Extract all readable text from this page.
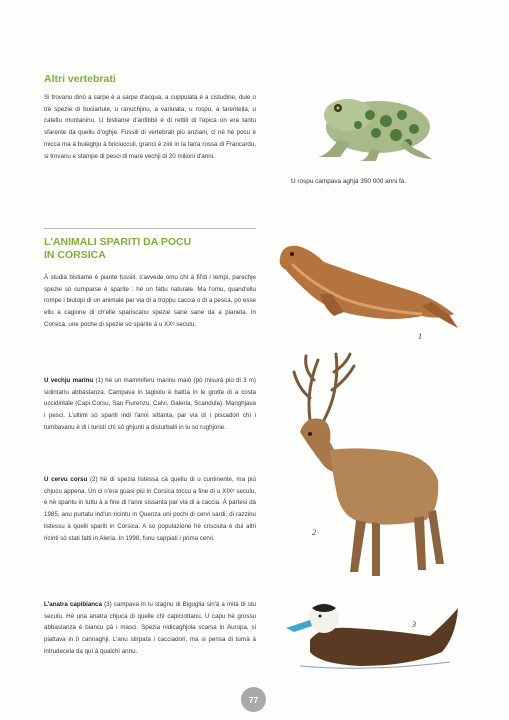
Altri vertebrati

Si trovanu dinò a sarpe è a sarpe d'acqua, a cuppulata è a cistudine, duie o trè spezie di buciartule, u ranuchjinu, a variulata, u rospu, a tarentella, u catellu muntaninu. U bistiame d'anfibbii è di rettili di l'epica ùn era tantu sfarente da quellu d'oghje. Fussili di vertebrati più anziani, ci nè hè pocu è micca ma à buleghju à briciucculi, granci è zini in la tarra rossa di Francardu, si trovanu e stampe di pesci di mare vechji di 20 milioni d'anni.

L'ANIMALI SPARITI DA POCU
IN CORSICA

À studià bistiame è piante fussili, s'avvede omu chì à fil'di i tempi, parechje spezie sò cumparse è sparite : hè un fattu naturale. Ma l'omu, quand'ellu rompe i biutopi di un animale par via di a troppu caccia o di a pesca, pò esse ellu a cagione di ch'elle spariscanu spezie sane sane da a pianeta. In Corsica, une poche di spezie sò sparite à u XXᵉ seculu.

U vechju marinu (1) hè un mammiferu marinu maiò (pò misurà più di 3 m) sidintariu abbastanza. Campava in tagliolu è battìa in le grotte di a costa uccidintale (Capi Corsu, San Fiurenzu, Calvi, Galeria, Scandula). Manghjava i pesci. L'ultimi sò spariti indi l'anni sittanta, par via di i piscadori chì i tumbavanu è di i turisti chì sò ghjunti a disturballi in lu so rughjone.

U cervu corsu (2) hè di spezia listessa cà quellu di u cuntinente, ma più chjucu appena. Ùn ci n'era guasi più in Corsica toccu a fine di u XIXᵉ seculu, è hè sparitu in tuttu à a fine di l'anni sissanta par via di a caccia. À partesi dà 1985, anu purtatu ind'un ricintu in Quenza uni pochi di cervi sardi, di razzinu listessu à quelli spariti in Corsica. A so populazione hè crisciuta è dui altri ricinti sò stati fatti in Aleria. In 1998, funu cappiati i prima cervi.

L'anatra capibianca (3) campava in lu stagnu di Biguglia sin'à a mità di stu seculu. Hè una anatra chjuca di quelle chì capicìottanu. U capu hè grossu abbastanza è biancu pà i masci. Spezia nidicaghjola scarsa in Auropa, si piattava in lì cannaghji. L'anu stirpata i cacciadori, ma si pensa di turnà à intrudecela da quì à qualchì annu.

U rospu campava aghjà 350 000 anni fà.
1
2
3
77
